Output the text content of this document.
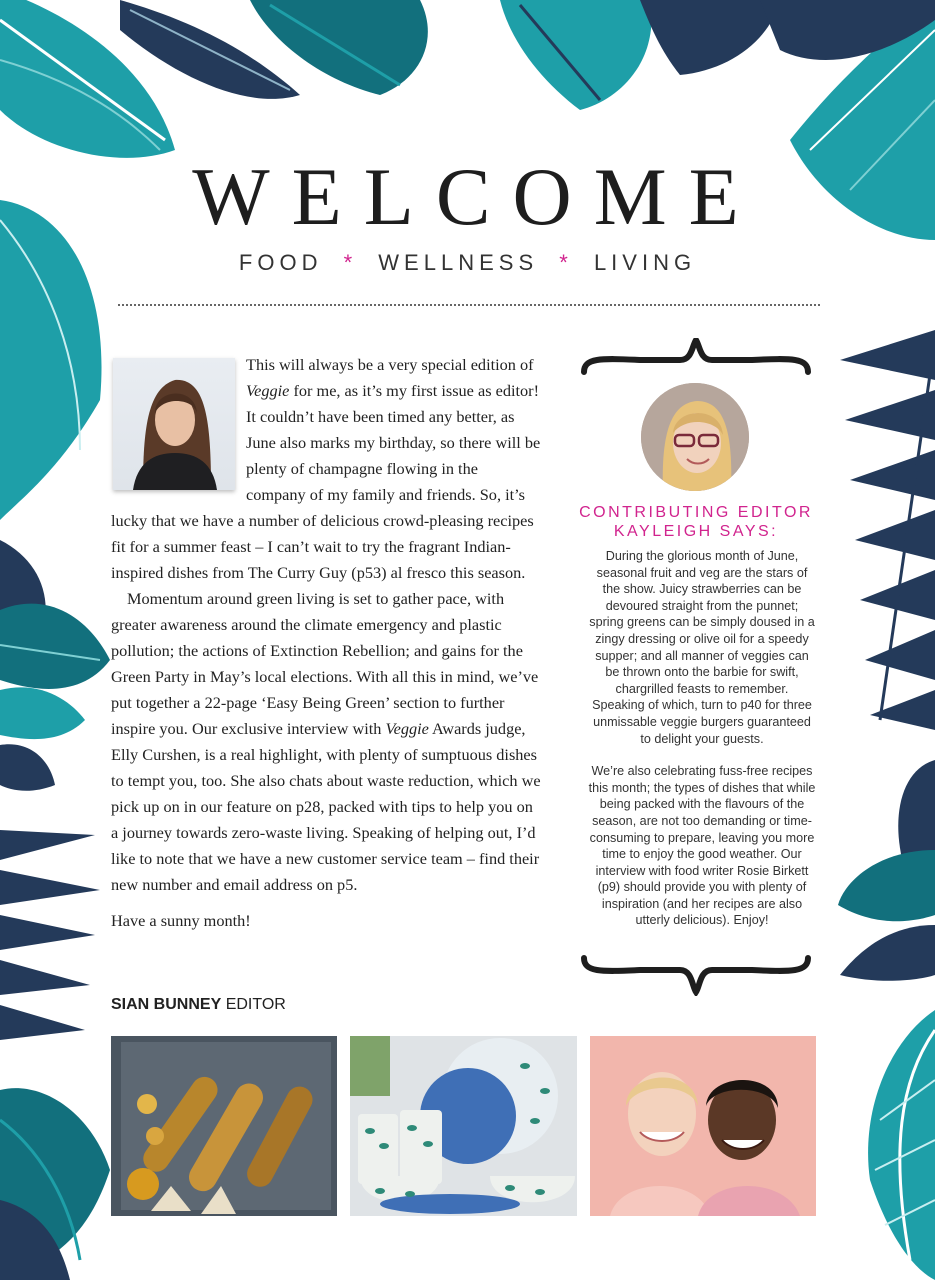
WELCOME
FOOD * WELLNESS * LIVING

This will always be a very special edition of Veggie for me, as it’s my first issue as editor! It couldn’t have been timed any better, as June also marks my birthday, so there will be plenty of champagne flowing in the company of my family and friends. So, it’s lucky that we have a number of delicious crowd-pleasing recipes fit for a summer feast – I can’t wait to try the fragrant Indian-inspired dishes from The Curry Guy (p53) al fresco this season.

Momentum around green living is set to gather pace, with greater awareness around the climate emergency and plastic pollution; the actions of Extinction Rebellion; and gains for the Green Party in May’s local elections. With all this in mind, we’ve put together a 22-page ‘Easy Being Green’ section to further inspire you. Our exclusive interview with Veggie Awards judge, Elly Curshen, is a real highlight, with plenty of sumptuous dishes to tempt you, too. She also chats about waste reduction, which we pick up on in our feature on p28, packed with tips to help you on a journey towards zero-waste living. Speaking of helping out, I’d like to note that we have a new customer service team – find their new number and email address on p5.

Have a sunny month!

SIAN BUNNEY EDITOR
CONTRIBUTING EDITOR
KAYLEIGH SAYS:

During the glorious month of June, seasonal fruit and veg are the stars of the show. Juicy strawberries can be devoured straight from the punnet; spring greens can be simply doused in a zingy dressing or olive oil for a speedy supper; and all manner of veggies can be thrown onto the barbie for swift, chargrilled feasts to remember. Speaking of which, turn to p40 for three unmissable veggie burgers guaranteed to delight your guests.

We’re also celebrating fuss-free recipes this month; the types of dishes that while being packed with the flavours of the season, are not too demanding or time-consuming to prepare, leaving you more time to enjoy the good weather. Our interview with food writer Rosie Birkett (p9) should provide you with plenty of inspiration (and her recipes are also utterly delicious). Enjoy!
